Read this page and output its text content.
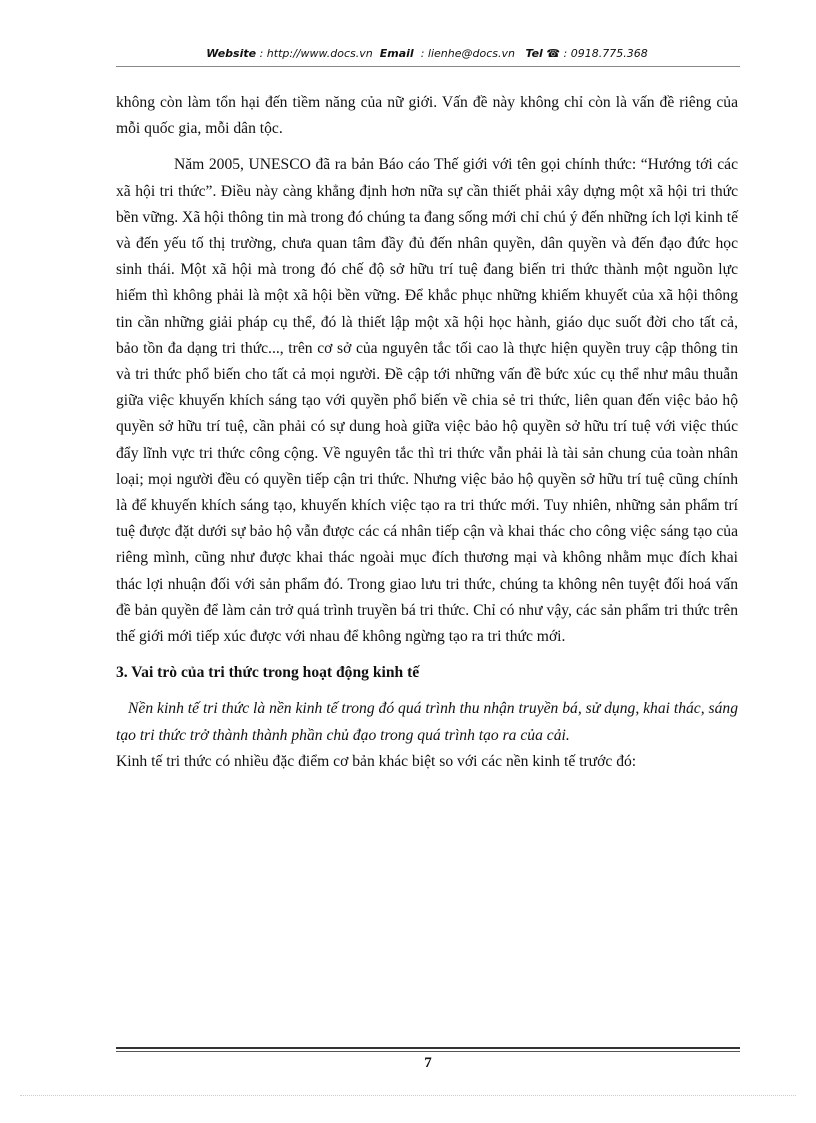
Website : http://www.docs.vn Email : lienhe@docs.vn Tel ☎ : 0918.775.368

không còn làm tổn hại đến tiềm năng của nữ giới. Vấn đề này không chỉ còn là vấn đề riêng của mỗi quốc gia, mỗi dân tộc.

Năm 2005, UNESCO đã ra bản Báo cáo Thế giới với tên gọi chính thức: “Hướng tới các xã hội tri thức”. Điều này càng khẳng định hơn nữa sự cần thiết phải xây dựng một xã hội tri thức bền vững. Xã hội thông tin mà trong đó chúng ta đang sống mới chỉ chú ý đến những ích lợi kinh tế và đến yếu tố thị trường, chưa quan tâm đầy đủ đến nhân quyền, dân quyền và đến đạo đức học sinh thái. Một xã hội mà trong đó chế độ sở hữu trí tuệ đang biến tri thức thành một nguồn lực hiếm thì không phải là một xã hội bền vững. Để khắc phục những khiếm khuyết của xã hội thông tin cần những giải pháp cụ thể, đó là thiết lập một xã hội học hành, giáo dục suốt đời cho tất cả, bảo tồn đa dạng tri thức..., trên cơ sở của nguyên tắc tối cao là thực hiện quyền truy cập thông tin và tri thức phổ biến cho tất cả mọi người. Đề cập tới những vấn đề bức xúc cụ thể như mâu thuẫn giữa việc khuyến khích sáng tạo với quyền phổ biến về chia sẻ tri thức, liên quan đến việc bảo hộ quyền sở hữu trí tuệ, cần phải có sự dung hoà giữa việc bảo hộ quyền sở hữu trí tuệ với việc thúc đẩy lĩnh vực tri thức công cộng. Về nguyên tắc thì tri thức vẫn phải là tài sản chung của toàn nhân loại; mọi người đều có quyền tiếp cận tri thức. Nhưng việc bảo hộ quyền sở hữu trí tuệ cũng chính là để khuyến khích sáng tạo, khuyến khích việc tạo ra tri thức mới. Tuy nhiên, những sản phẩm trí tuệ được đặt dưới sự bảo hộ vẫn được các cá nhân tiếp cận và khai thác cho công việc sáng tạo của riêng mình, cũng như được khai thác ngoài mục đích thương mại và không nhằm mục đích khai thác lợi nhuận đối với sản phẩm đó. Trong giao lưu tri thức, chúng ta không nên tuyệt đối hoá vấn đề bản quyền để làm cản trở quá trình truyền bá tri thức. Chỉ có như vậy, các sản phẩm tri thức trên thế giới mới tiếp xúc được với nhau để không ngừng tạo ra tri thức mới.

3. Vai trò của tri thức trong hoạt động kinh tế

Nền kinh tế tri thức là nền kinh tế trong đó quá trình thu nhận truyền bá, sử dụng, khai thác, sáng tạo tri thức trở thành thành phần chủ đạo trong quá trình tạo ra của cải.

Kinh tế tri thức có nhiều đặc điểm cơ bản khác biệt so với các nền kinh tế trước đó:

7
